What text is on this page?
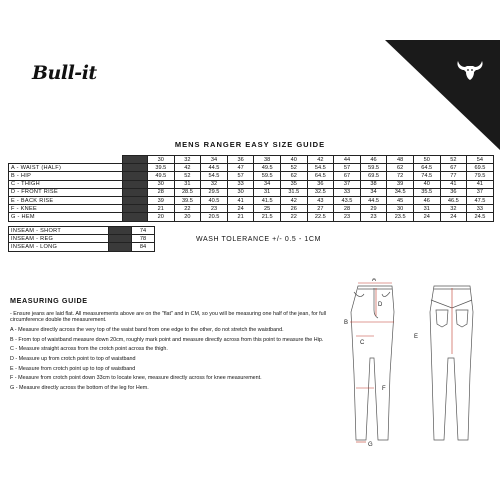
Bull-it
MENS RANGER EASY SIZE GUIDE
		30	32	34	36	38	40	42	44	46	48	50	52	54
A - WAIST (HALF)		39.5	42	44.5	47	49.5	52	54.5	57	59.5	62	64.5	67	69.5
B - HIP		49.5	52	54.5	57	59.5	62	64.5	67	69.5	72	74.5	77	79.5
C - THIGH		30	31	32	33	34	35	36	37	38	39	40	41	41
D - FRONT RISE		28	28.5	29.5	30	31	31.5	32.5	33	34	34.5	35.5	36	37
E - BACK RISE		39	39.5	40.5	41	41.5	42	43	43.5	44.5	45	46	46.5	47.5
F - KNEE		21	22	23	24	25	26	27	28	29	30	31	32	33
G - HEM		20	20	20.5	21	21.5	22	22.5	23	23	23.5	24	24	24.5
INSEAM - SHORT		74
INSEAM - REG		78
INSEAM - LONG		84
WASH TOLERANCE +/- 0.5 - 1CM
MEASURING GUIDE

- Ensure jeans are laid flat. All measurements above are on the "flat" and in CM, so you will be measuring one half of the jean, for full circumference double the measurement.

A - Measure directly across the very top of the waist band from one edge to the other, do not stretch the waistband.

B - From top of waistband measure down 20cm, roughly mark point and measure directly across from this point to measure the Hip.

C - Measure straight across from the crotch point across the thigh.

D - Measure up from crotch point to top of waistband

E - Measure from crotch point up to top of waistband

F - Measure from crotch point down 33cm to locate knee, measure directly across for knee measurement.

G - Measure directly across the bottom of the leg for Hem.

A
B
C
D
E
F
G
